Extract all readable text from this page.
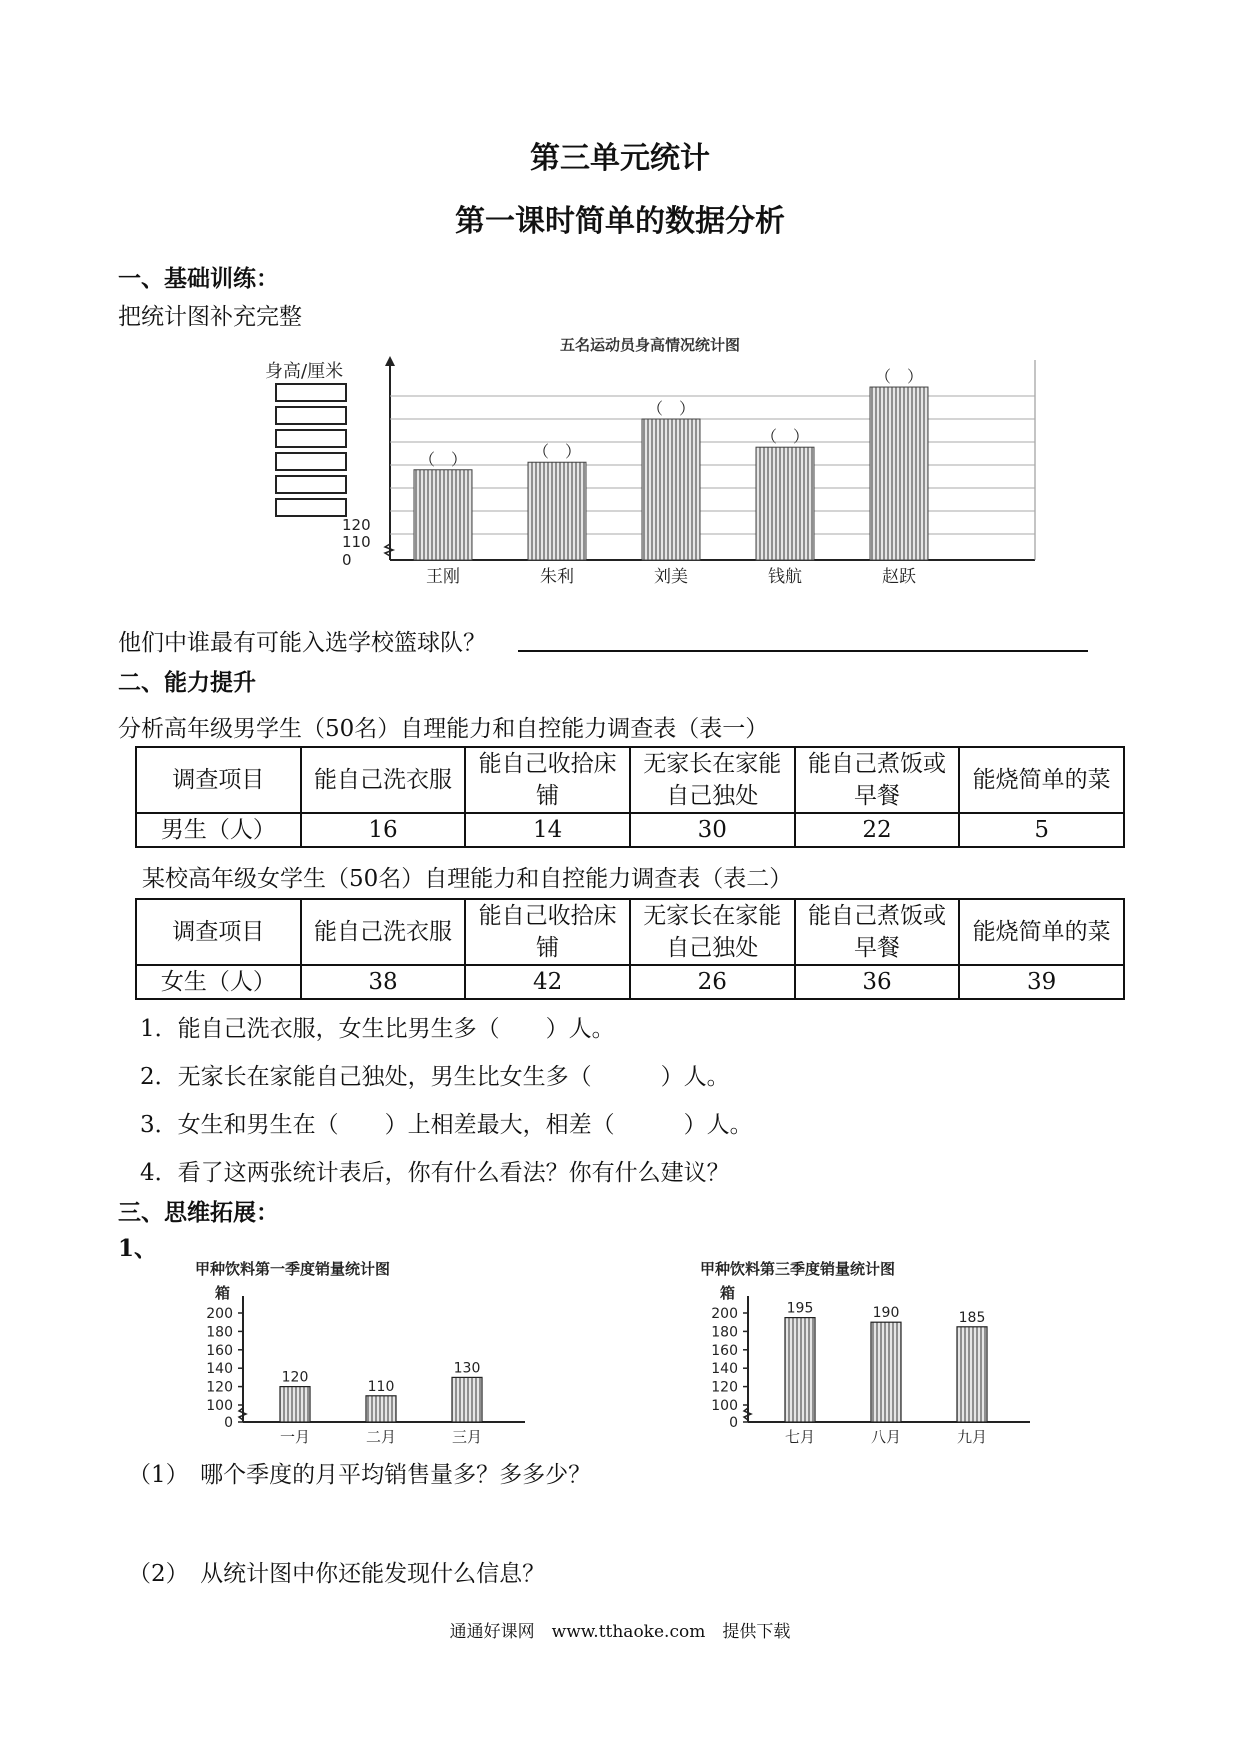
第三单元统计
第一课时简单的数据分析
一、基础训练：
把统计图补充完整
五名运动员身高情况统计图
身高/厘米
0
110
120
（　）
王刚
（　）
朱利
（　）
刘美
（　）
钱航
（　）
赵跃
他们中谁最有可能入选学校篮球队？
二、能力提升
分析高年级男学生（50名）自理能力和自控能力调查表（表一）
调查项目	能自己洗衣服	能自己收拾床铺	无家长在家能自己独处	能自己煮饭或早餐	能烧简单的菜
男生（人）	16	14	30	22	5
某校高年级女学生（50名）自理能力和自控能力调查表（表二）
调查项目	能自己洗衣服	能自己收拾床铺	无家长在家能自己独处	能自己煮饭或早餐	能烧简单的菜
女生（人）	38	42	26	36	39
1．能自己洗衣服，女生比男生多（　　）人。
2．无家长在家能自己独处，男生比女生多（　　　）人。
3．女生和男生在（　　）上相差最大，相差（　　　）人。
4．看了这两张统计表后，你有什么看法？你有什么建议？
三、思维拓展：
1、
甲种饮料第一季度销量统计图
箱
0
100
120
140
160
180
200
120
一月
110
二月
130
三月
甲种饮料第三季度销量统计图
箱
0
100
120
140
160
180
200	195
七月
190
八月
185
九月
（1）　哪个季度的月平均销售量多？多多少？
（2）　从统计图中你还能发现什么信息？
通通好课网　www.tthaoke.com　提供下载
